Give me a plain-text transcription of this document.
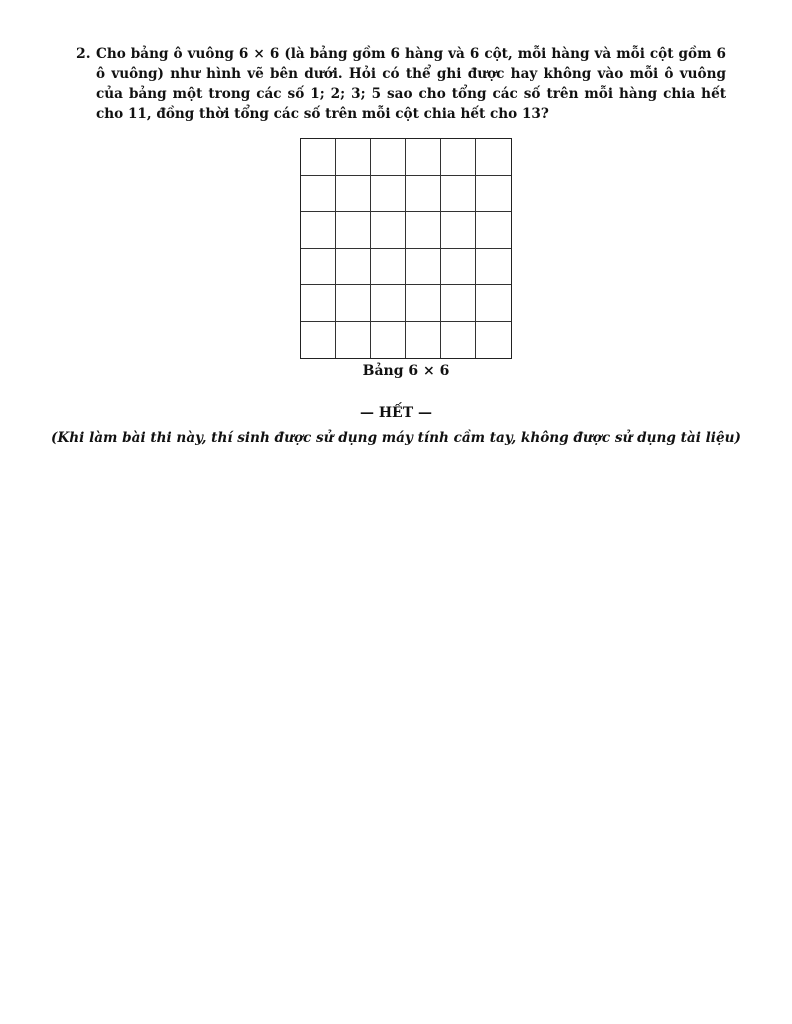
2. Cho bảng ô vuông 6 × 6 (là bảng gồm 6 hàng và 6 cột, mỗi hàng và mỗi cột gồm 6 ô vuông) như hình vẽ bên dưới. Hỏi có thể ghi được hay không vào mỗi ô vuông của bảng một trong các số 1; 2; 3; 5 sao cho tổng các số trên mỗi hàng chia hết cho 11, đồng thời tổng các số trên mỗi cột chia hết cho 13?

Bảng 6 × 6
— HẾT —
(Khi làm bài thi này, thí sinh được sử dụng máy tính cầm tay, không được sử dụng tài liệu)
